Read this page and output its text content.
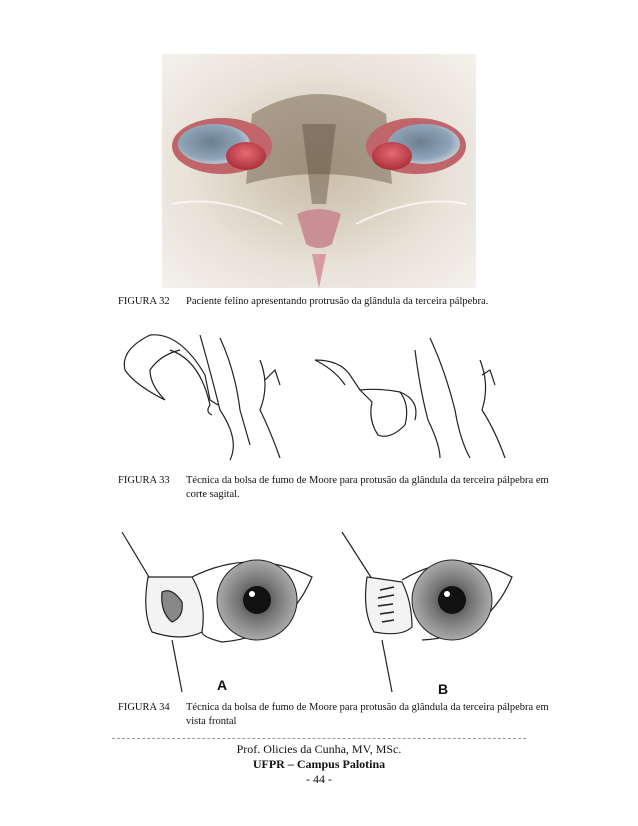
FIGURA 32 Paciente felino apresentando protrusão da glândula da terceira pálpebra.
FIGURA 33 Técnica da bolsa de fumo de Moore para protusão da glândula da terceira pálpebra em corte sagital.
A	B
FIGURA 34 Técnica da bolsa de fumo de Moore para protusão da glândula da terceira pálpebra em vista frontal
Prof. Olicies da Cunha, MV, MSc.
UFPR – Campus Palotina
- 44 -
